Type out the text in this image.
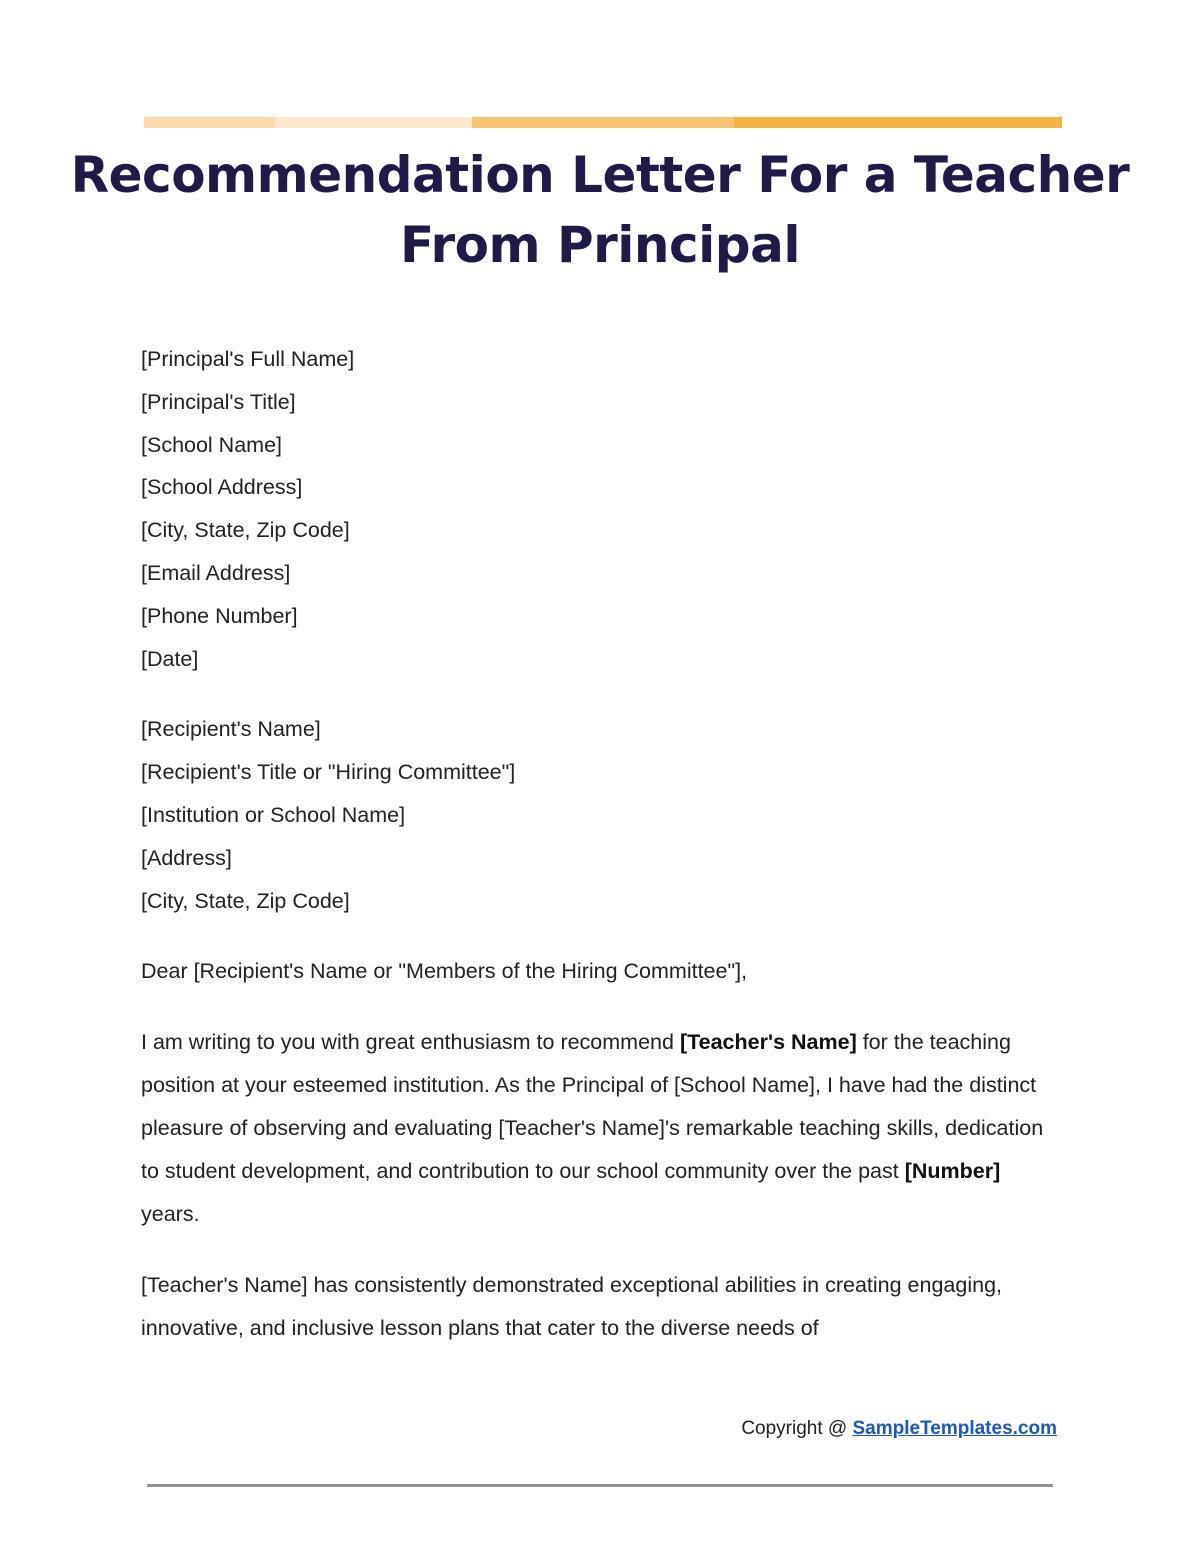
Recommendation Letter For a Teacher From Principal
[Principal's Full Name]
[Principal's Title]
[School Name]
[School Address]
[City, State, Zip Code]
[Email Address]
[Phone Number]
[Date]
[Recipient's Name]
[Recipient's Title or "Hiring Committee"]
[Institution or School Name]
[Address]
[City, State, Zip Code]

Dear [Recipient's Name or "Members of the Hiring Committee"],

I am writing to you with great enthusiasm to recommend [Teacher's Name] for the teaching position at your esteemed institution. As the Principal of [School Name], I have had the distinct pleasure of observing and evaluating [Teacher's Name]'s remarkable teaching skills, dedication to student development, and contribution to our school community over the past [Number] years.

[Teacher's Name] has consistently demonstrated exceptional abilities in creating engaging, innovative, and inclusive lesson plans that cater to the diverse needs of

Copyright @ SampleTemplates.com
